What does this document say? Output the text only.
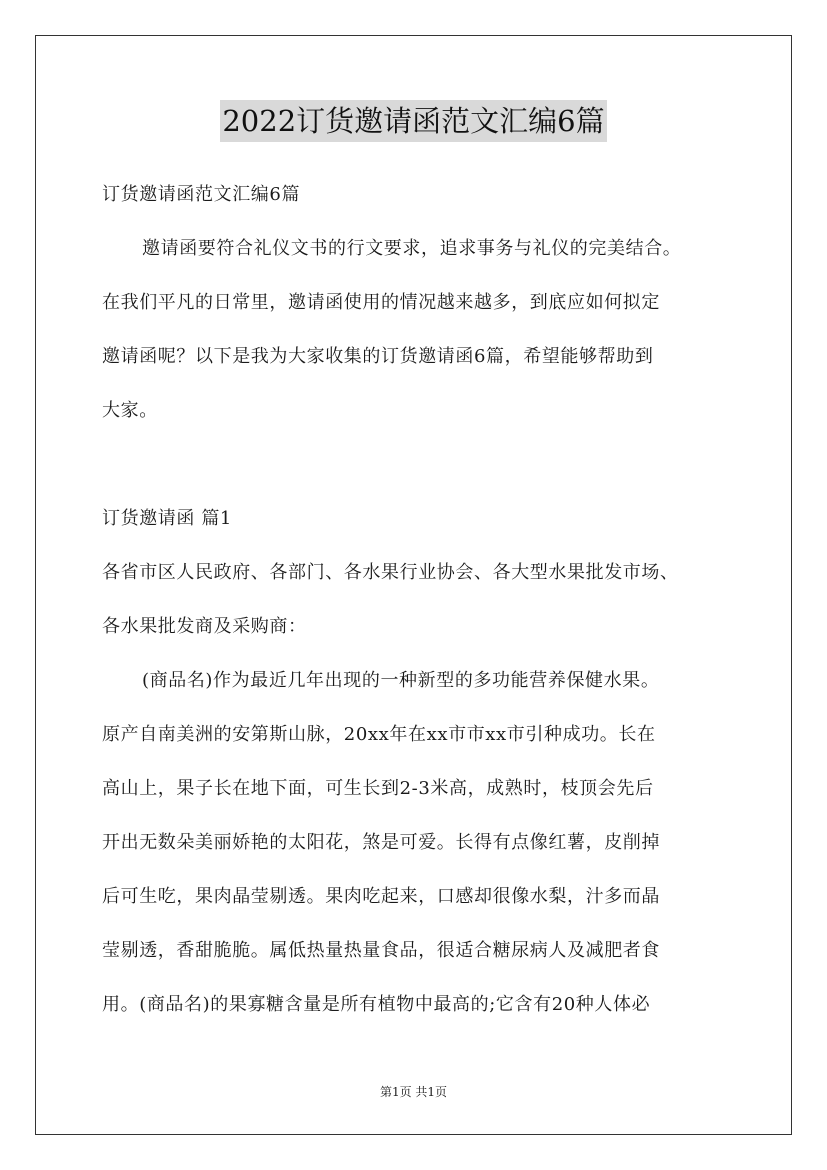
2022订货邀请函范文汇编6篇
订货邀请函范文汇编6篇
邀请函要符合礼仪文书的行文要求，追求事务与礼仪的完美结合。
在我们平凡的日常里，邀请函使用的情况越来越多，到底应如何拟定
邀请函呢？以下是我为大家收集的订货邀请函6篇，希望能够帮助到
大家。
订货邀请函 篇1
各省市区人民政府、各部门、各水果行业协会、各大型水果批发市场、
各水果批发商及采购商：
(商品名)作为最近几年出现的一种新型的多功能营养保健水果。
原产自南美洲的安第斯山脉，20xx年在xx市市xx市引种成功。长在
高山上，果子长在地下面，可生长到2-3米高，成熟时，枝顶会先后
开出无数朵美丽娇艳的太阳花，煞是可爱。长得有点像红薯，皮削掉
后可生吃，果肉晶莹剔透。果肉吃起来，口感却很像水梨，汁多而晶
莹剔透，香甜脆脆。属低热量热量食品，很适合糖尿病人及减肥者食
用。(商品名)的果寡糖含量是所有植物中最高的;它含有20种人体必
第1页 共1页
